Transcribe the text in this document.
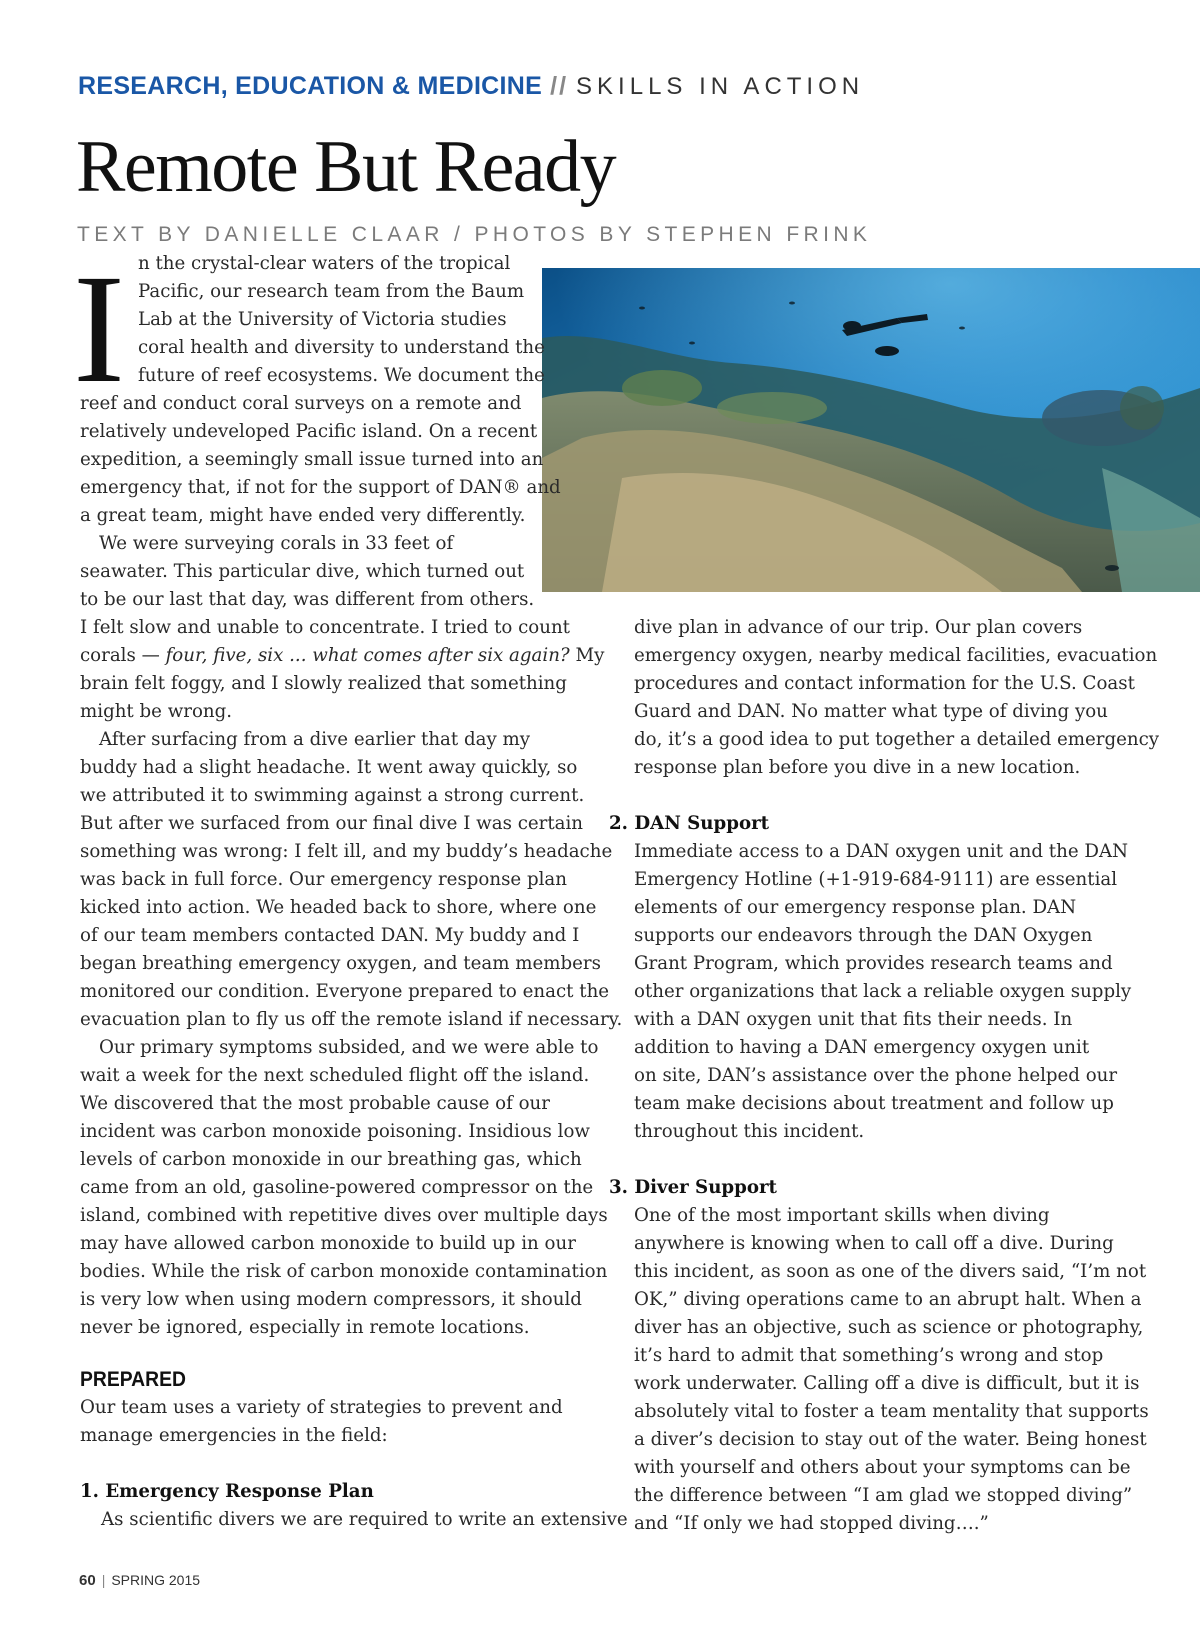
RESEARCH, EDUCATION & MEDICINE // SKILLS IN ACTION
Remote But Ready
TEXT BY DANIELLE CLAAR / PHOTOS BY STEPHEN FRINK
I n the crystal-clear waters of the tropical
Pacific, our research team from the Baum
Lab at the University of Victoria studies
coral health and diversity to understand the
future of reef ecosystems. We document the
reef and conduct coral surveys on a remote and
relatively undeveloped Pacific island. On a recent
expedition, a seemingly small issue turned into an
emergency that, if not for the support of DAN® and
a great team, might have ended very differently.
We were surveying corals in 33 feet of
seawater. This particular dive, which turned out
to be our last that day, was different from others.
I felt slow and unable to concentrate. I tried to count
corals — four, five, six ... what comes after six again? My
brain felt foggy, and I slowly realized that something
might be wrong.
After surfacing from a dive earlier that day my
buddy had a slight headache. It went away quickly, so
we attributed it to swimming against a strong current.
But after we surfaced from our final dive I was certain
something was wrong: I felt ill, and my buddy’s headache
was back in full force. Our emergency response plan
kicked into action. We headed back to shore, where one
of our team members contacted DAN. My buddy and I
began breathing emergency oxygen, and team members
monitored our condition. Everyone prepared to enact the
evacuation plan to fly us off the remote island if necessary.
Our primary symptoms subsided, and we were able to
wait a week for the next scheduled flight off the island.
We discovered that the most probable cause of our
incident was carbon monoxide poisoning. Insidious low
levels of carbon monoxide in our breathing gas, which
came from an old, gasoline-powered compressor on the
island, combined with repetitive dives over multiple days
may have allowed carbon monoxide to build up in our
bodies. While the risk of carbon monoxide contamination
is very low when using modern compressors, it should
never be ignored, especially in remote locations.
PREPARED
Our team uses a variety of strategies to prevent and
manage emergencies in the field:
1. Emergency Response Plan
As scientific divers we are required to write an extensive
dive plan in advance of our trip. Our plan covers
emergency oxygen, nearby medical facilities, evacuation
procedures and contact information for the U.S. Coast
Guard and DAN. No matter what type of diving you
do, it’s a good idea to put together a detailed emergency
response plan before you dive in a new location.
2. DAN Support
Immediate access to a DAN oxygen unit and the DAN
Emergency Hotline (+1-919-684-9111) are essential
elements of our emergency response plan. DAN
supports our endeavors through the DAN Oxygen
Grant Program, which provides research teams and
other organizations that lack a reliable oxygen supply
with a DAN oxygen unit that fits their needs. In
addition to having a DAN emergency oxygen unit
on site, DAN’s assistance over the phone helped our
team make decisions about treatment and follow up
throughout this incident.
3. Diver Support
One of the most important skills when diving
anywhere is knowing when to call off a dive. During
this incident, as soon as one of the divers said, “I’m not
OK,” diving operations came to an abrupt halt. When a
diver has an objective, such as science or photography,
it’s hard to admit that something’s wrong and stop
work underwater. Calling off a dive is difficult, but it is
absolutely vital to foster a team mentality that supports
a diver’s decision to stay out of the water. Being honest
with yourself and others about your symptoms can be
the difference between “I am glad we stopped diving”
and “If only we had stopped diving….”
60 | SPRING 2015
